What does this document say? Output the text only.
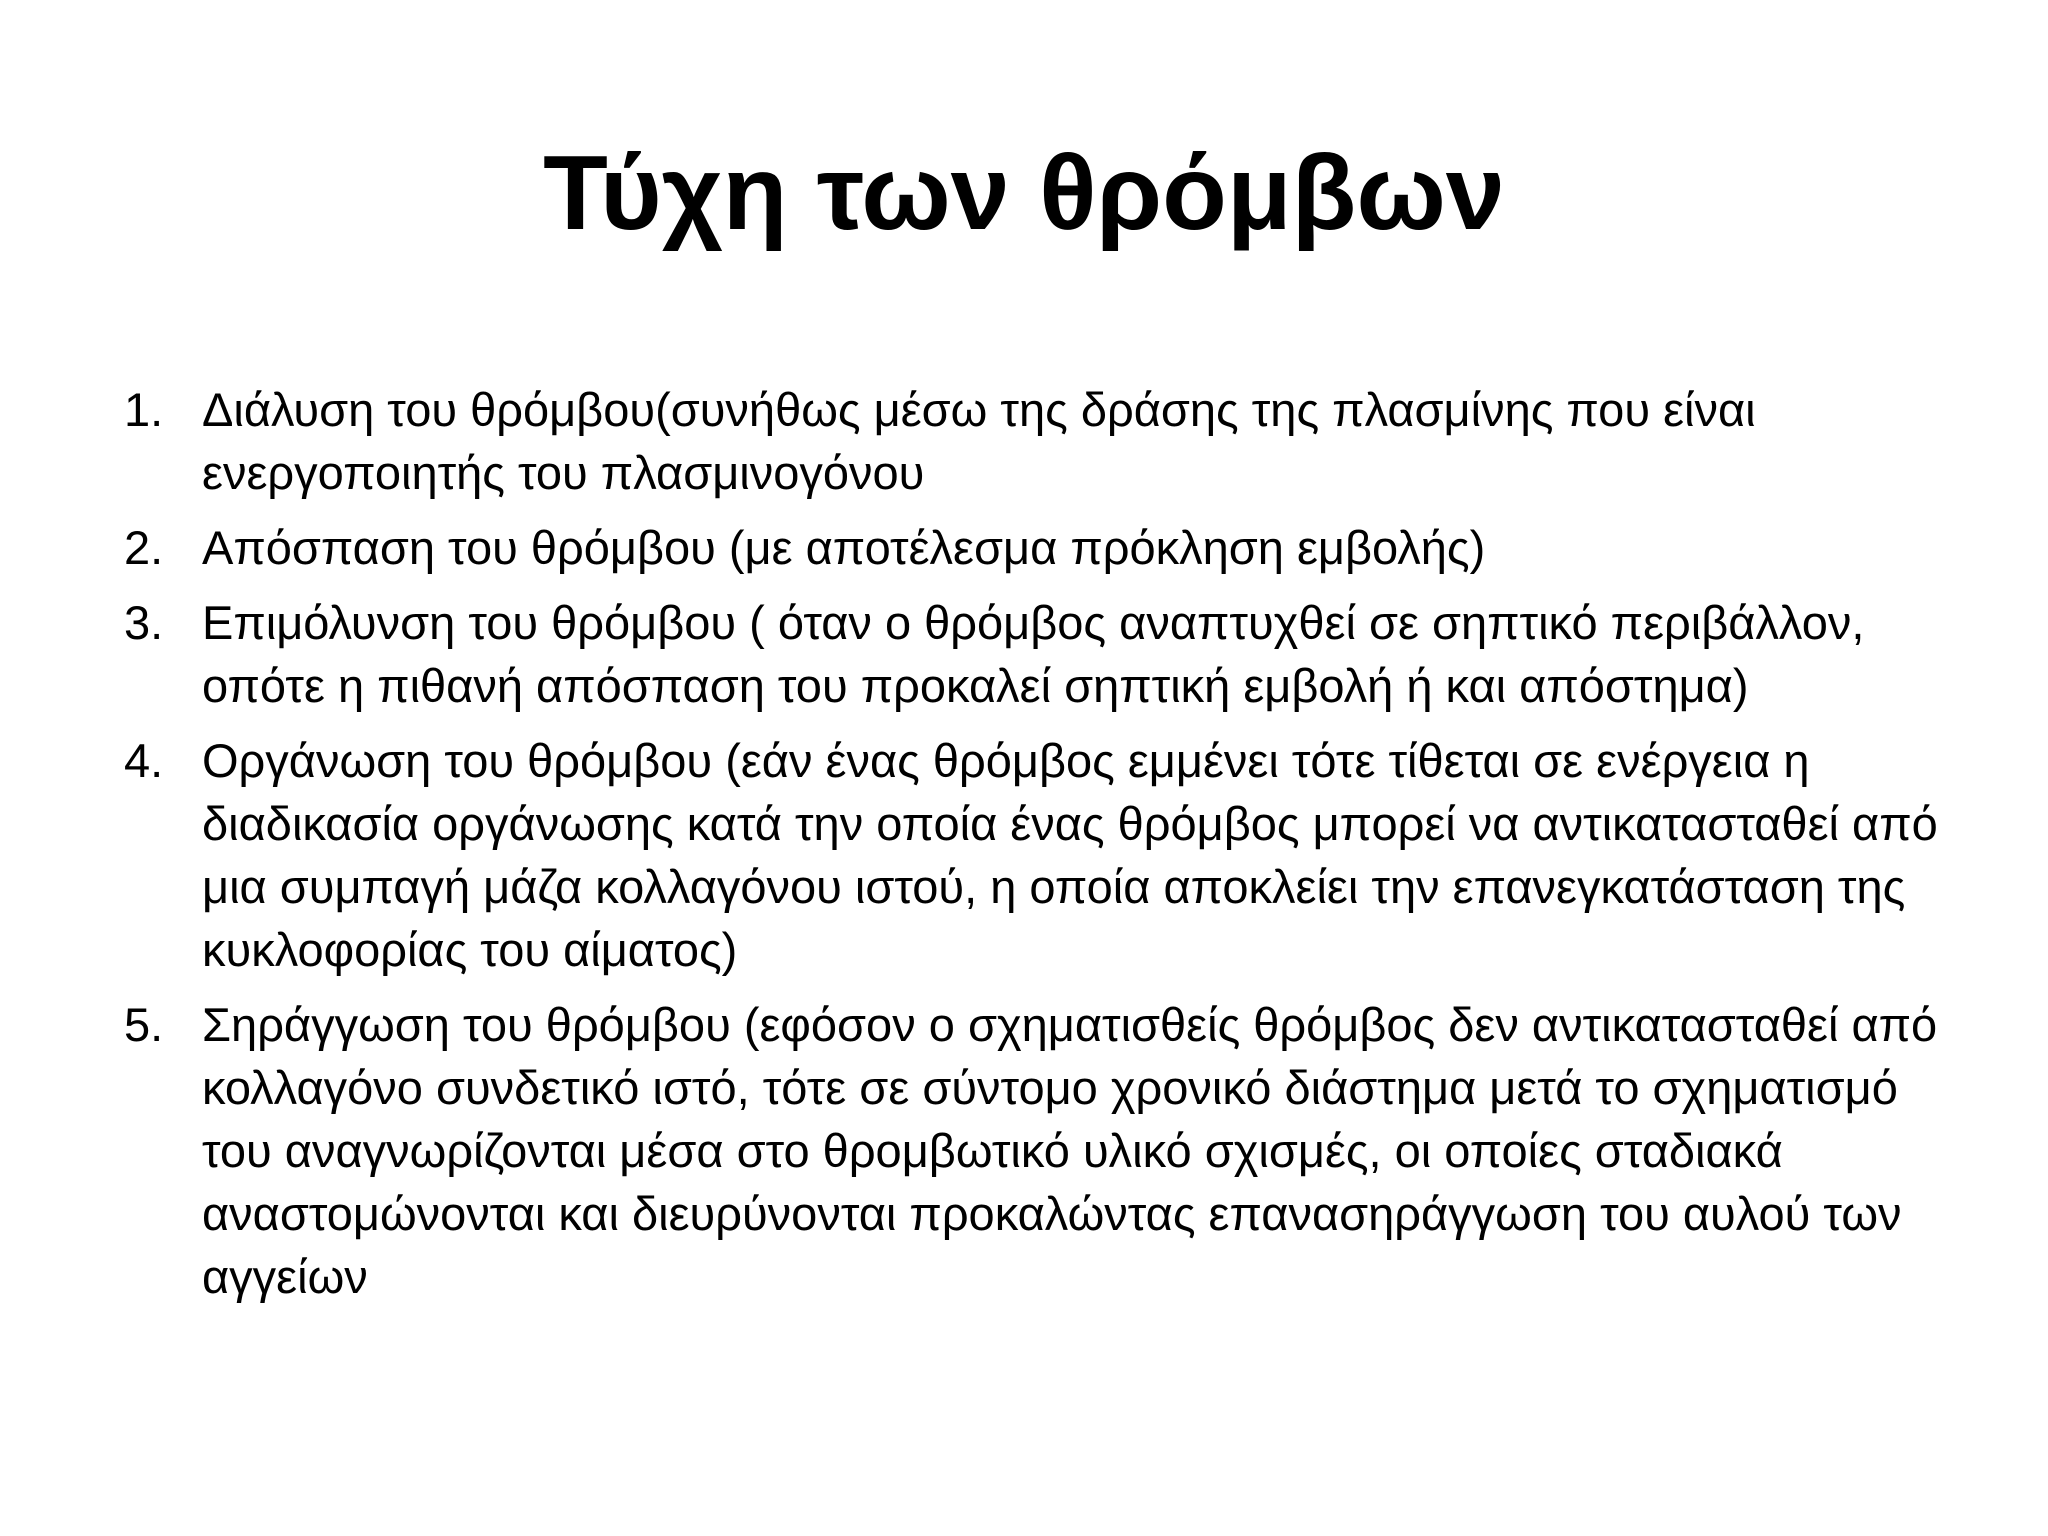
Τύχη των θρόμβων
1. Διάλυση του θρόμβου(συνήθως μέσω της δράσης της πλασμίνης που είναι ενεργοποιητής του πλασμινογόνου
2. Απόσπαση του θρόμβου (με αποτέλεσμα πρόκληση εμβολής)
3. Επιμόλυνση του θρόμβου ( όταν ο θρόμβος αναπτυχθεί σε σηπτικό περιβάλλον, οπότε η πιθανή απόσπαση του προκαλεί σηπτική εμβολή ή και απόστημα)
4. Οργάνωση του θρόμβου (εάν ένας θρόμβος εμμένει τότε τίθεται σε ενέργεια η διαδικασία οργάνωσης κατά την οποία ένας θρόμβος μπορεί να αντικατασταθεί από μια συμπαγή μάζα κολλαγόνου ιστού, η οποία αποκλείει την επανεγκατάσταση της κυκλοφορίας του αίματος)
5. Σηράγγωση του θρόμβου (εφόσον ο σχηματισθείς θρόμβος δεν αντικατασταθεί από κολλαγόνο συνδετικό ιστό, τότε σε σύντομο χρονικό διάστημα μετά το σχηματισμό του αναγνωρίζονται μέσα στο θρομβωτικό υλικό σχισμές, οι οποίες σταδιακά αναστομώνονται και διευρύνονται προκαλώντας επανασηράγγωση του αυλού των αγγείων
